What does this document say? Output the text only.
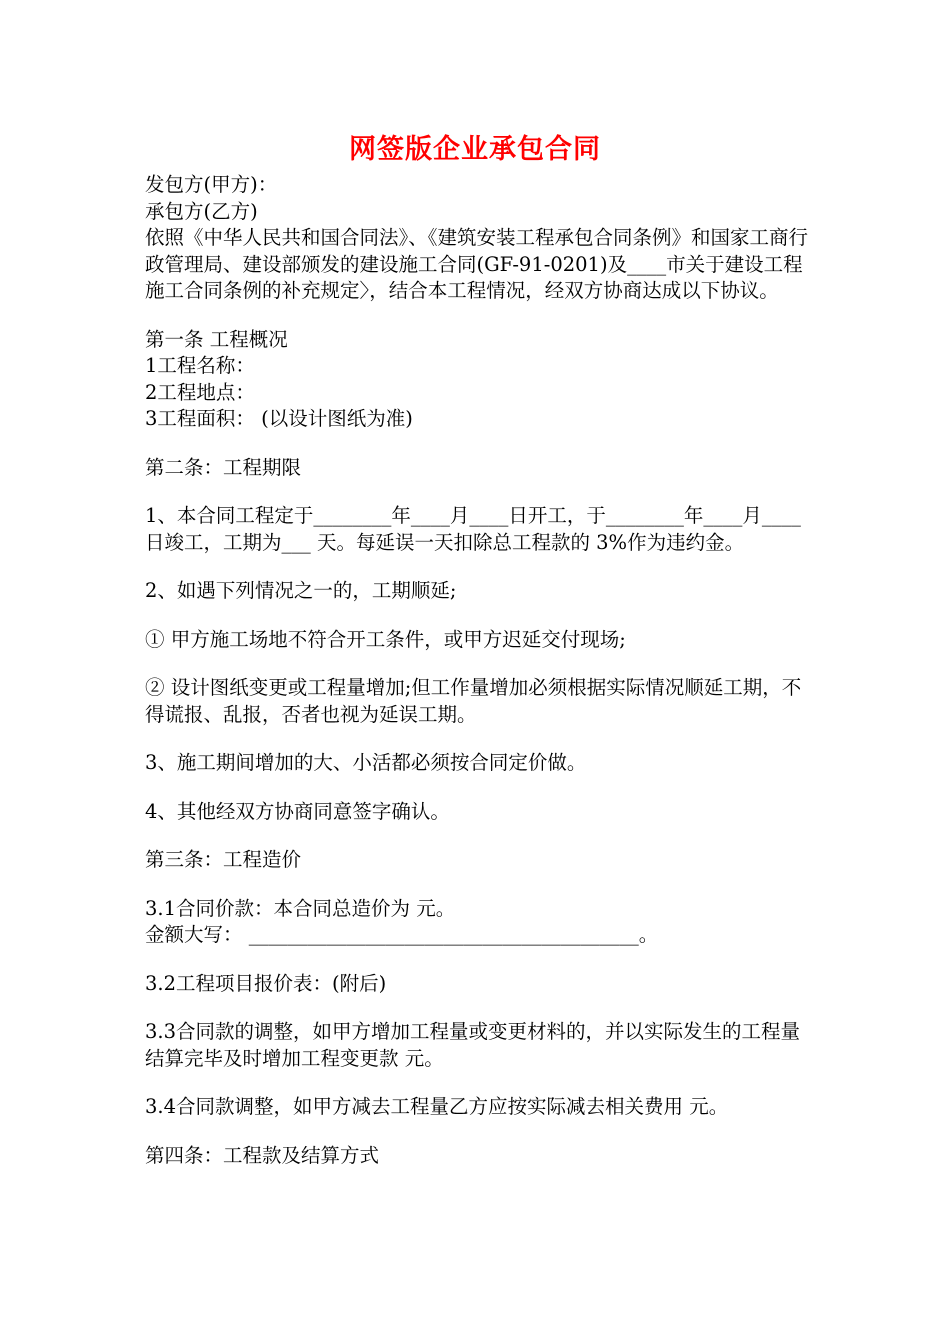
网签版企业承包合同

发包方(甲方)：

承包方(乙方)

依照《中华人民共和国合同法》、《建筑安装工程承包合同条例》和国家工商行政管理局、建设部颁发的建设施工合同(GF-91-0201)及____市关于建设工程施工合同条例的补充规定〉，结合本工程情况，经双方协商达成以下协议。

第一条 工程概况

1工程名称：

2工程地点：

3工程面积： (以设计图纸为准)

第二条：工程期限

1、本合同工程定于________年____月____日开工，于________年____月____日竣工，工期为___ 天。每延误一天扣除总工程款的 3%作为违约金。

2、如遇下列情况之一的，工期顺延;

① 甲方施工场地不符合开工条件，或甲方迟延交付现场;

② 设计图纸变更或工程量增加;但工作量增加必须根据实际情况顺延工期，不得谎报、乱报，否者也视为延误工期。

3、施工期间增加的大、小活都必须按合同定价做。

4、其他经双方协商同意签字确认。

第三条：工程造价

3.1合同价款：本合同总造价为 元。

金额大写： ________________________________________。

3.2工程项目报价表：(附后)

3.3合同款的调整，如甲方增加工程量或变更材料的，并以实际发生的工程量结算完毕及时增加工程变更款 元。

3.4合同款调整，如甲方减去工程量乙方应按实际减去相关费用 元。

第四条：工程款及结算方式
